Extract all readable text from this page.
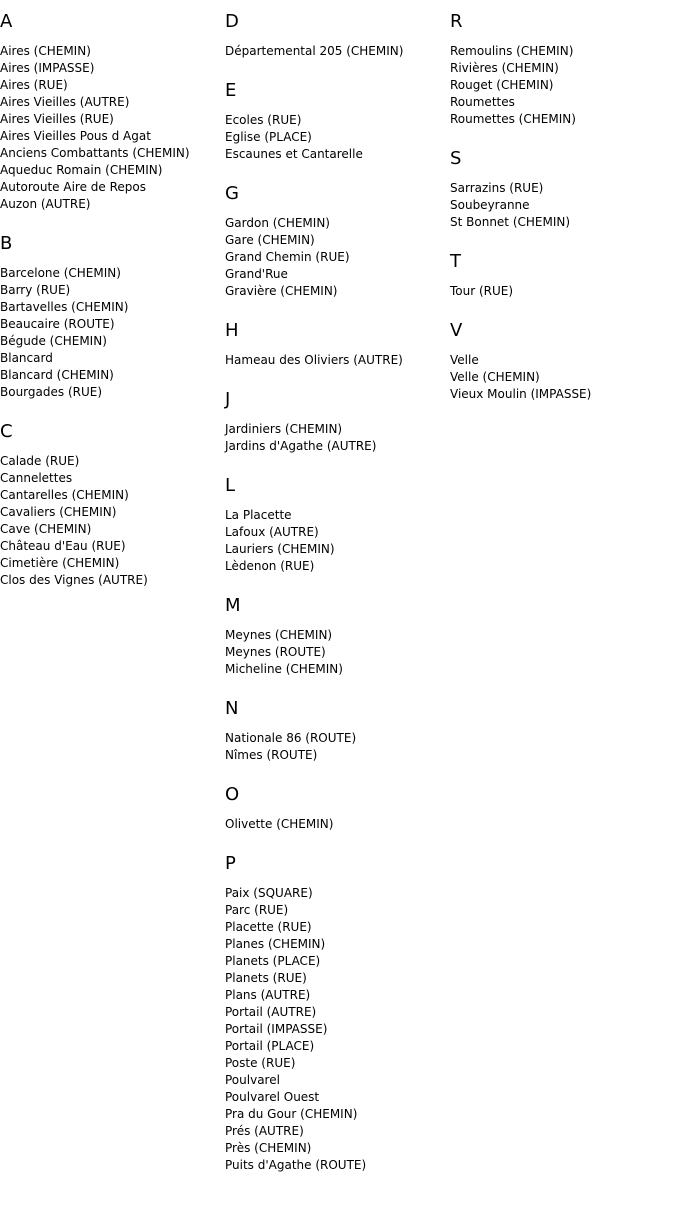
A
Aires (CHEMIN)
Aires (IMPASSE)
Aires (RUE)
Aires Vieilles (AUTRE)
Aires Vieilles (RUE)
Aires Vieilles Pous d Agat
Anciens Combattants (CHEMIN)
Aqueduc Romain (CHEMIN)
Autoroute Aire de Repos
Auzon (AUTRE)
B
Barcelone (CHEMIN)
Barry (RUE)
Bartavelles (CHEMIN)
Beaucaire (ROUTE)
Bégude (CHEMIN)
Blancard
Blancard (CHEMIN)
Bourgades (RUE)
C
Calade (RUE)
Cannelettes
Cantarelles (CHEMIN)
Cavaliers (CHEMIN)
Cave (CHEMIN)
Château d'Eau (RUE)
Cimetière (CHEMIN)
Clos des Vignes (AUTRE)
D
Départemental 205 (CHEMIN)
E
Ecoles (RUE)
Eglise (PLACE)
Escaunes et Cantarelle
G
Gardon (CHEMIN)
Gare (CHEMIN)
Grand Chemin (RUE)
Grand'Rue
Gravière (CHEMIN)
H
Hameau des Oliviers (AUTRE)
J
Jardiniers (CHEMIN)
Jardins d'Agathe (AUTRE)
L
La Placette
Lafoux (AUTRE)
Lauriers (CHEMIN)
Lèdenon (RUE)
M
Meynes (CHEMIN)
Meynes (ROUTE)
Micheline (CHEMIN)
N
Nationale 86 (ROUTE)
Nîmes (ROUTE)
O
Olivette (CHEMIN)
P
Paix (SQUARE)
Parc (RUE)
Placette (RUE)
Planes (CHEMIN)
Planets (PLACE)
Planets (RUE)
Plans (AUTRE)
Portail (AUTRE)
Portail (IMPASSE)
Portail (PLACE)
Poste (RUE)
Poulvarel
Poulvarel Ouest
Pra du Gour (CHEMIN)
Prés (AUTRE)
Près (CHEMIN)
Puits d'Agathe (ROUTE)
R
Remoulins (CHEMIN)
Rivières (CHEMIN)
Rouget (CHEMIN)
Roumettes
Roumettes (CHEMIN)
S
Sarrazins (RUE)
Soubeyranne
St Bonnet (CHEMIN)
T
Tour (RUE)
V
Velle
Velle (CHEMIN)
Vieux Moulin (IMPASSE)
